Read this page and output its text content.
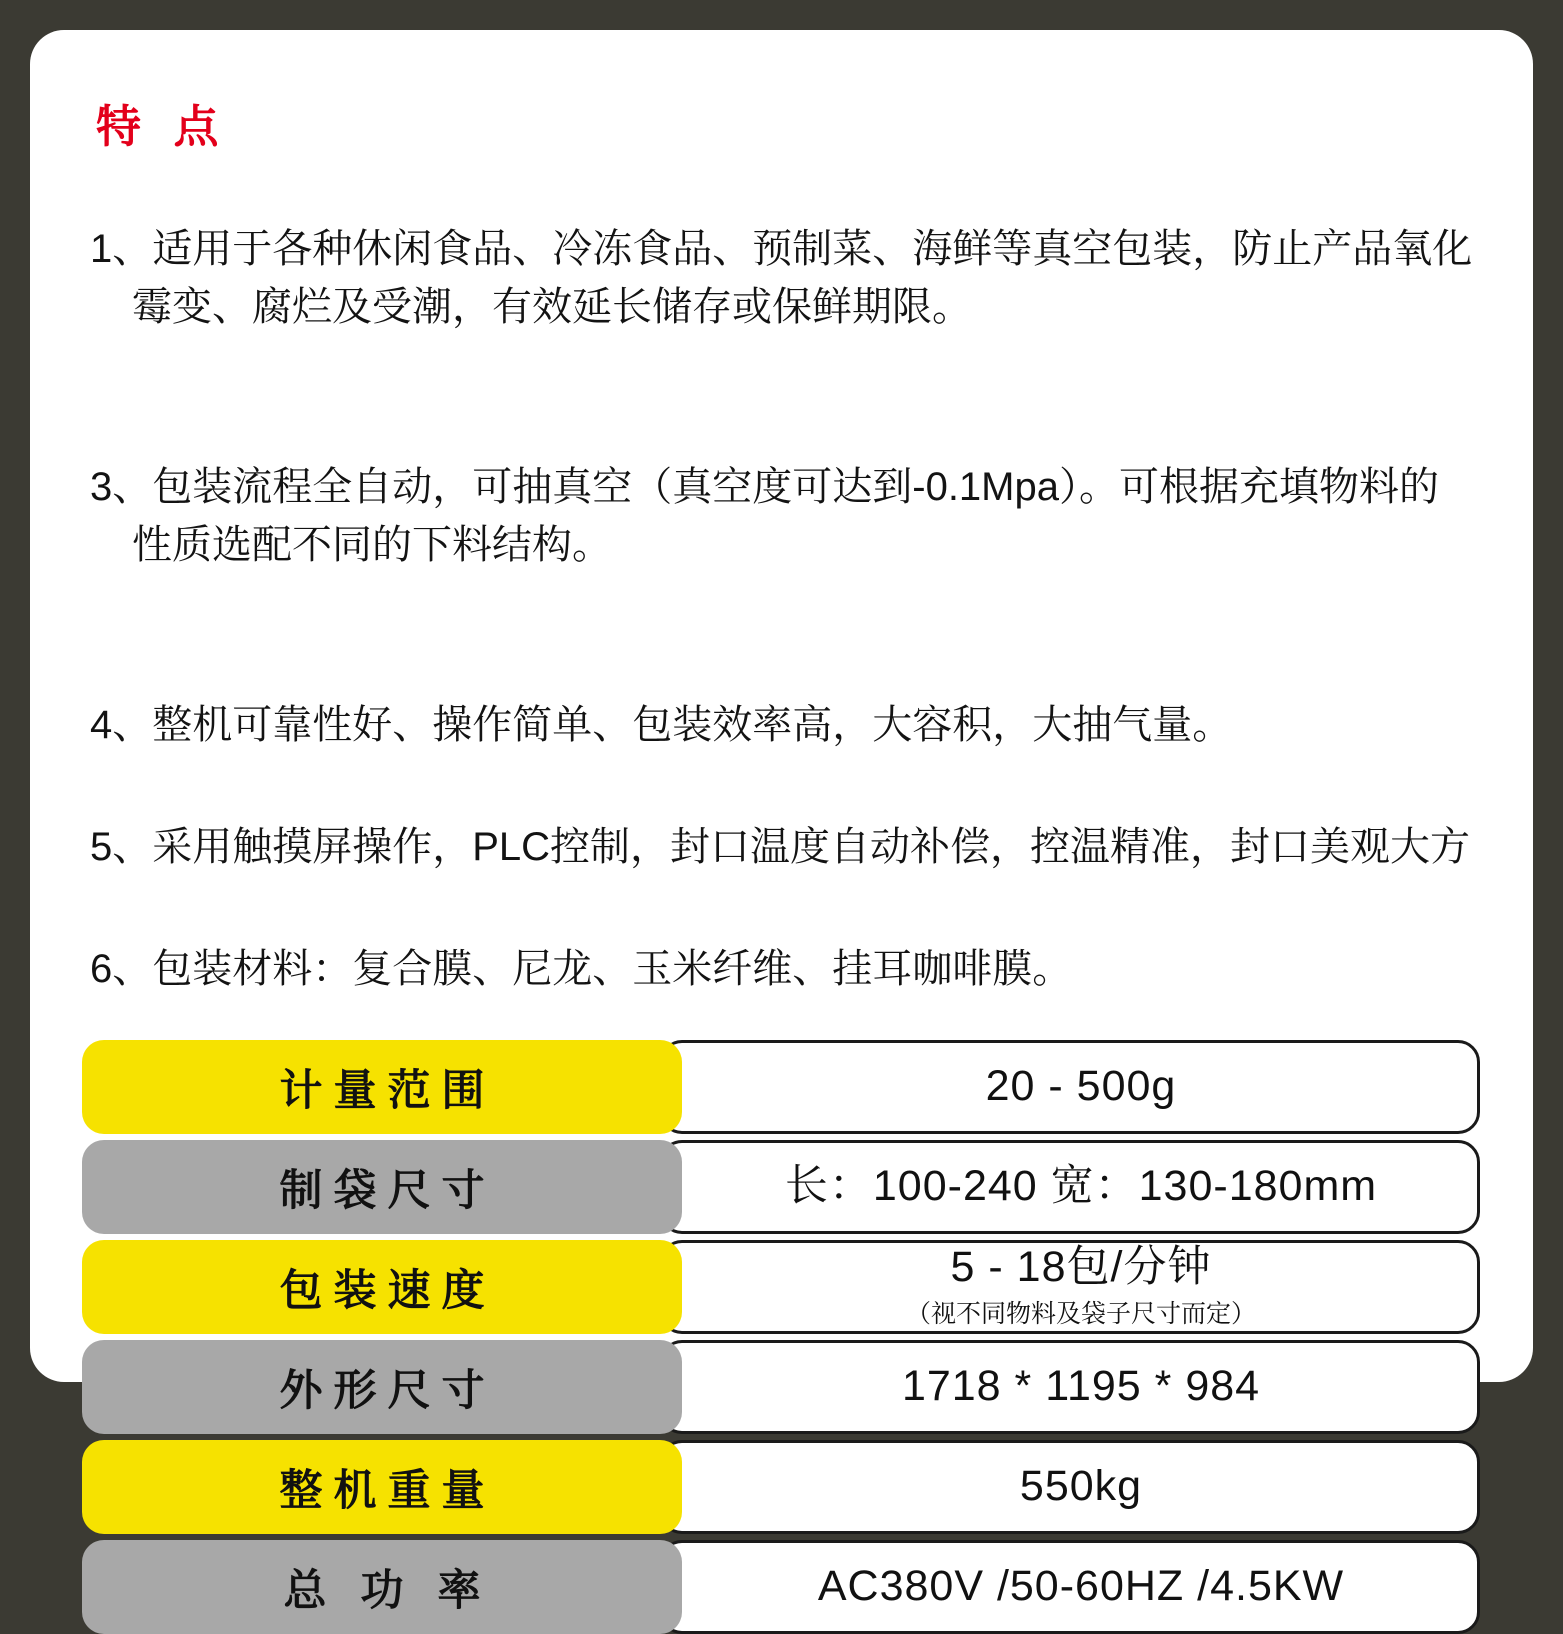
特 点

1、适用于各种休闲食品、冷冻食品、预制菜、海鲜等真空包装，防止产品氧化

霉变、腐烂及受潮，有效延长储存或保鲜期限。

3、包装流程全自动，可抽真空（真空度可达到-0.1Mpa）。可根据充填物料的

性质选配不同的下料结构。

4、整机可靠性好、操作简单、包装效率高，大容积，大抽气量。

5、采用触摸屏操作，PLC控制，封口温度自动补偿，控温精准，封口美观大方

6、包装材料：复合膜、尼龙、玉米纤维、挂耳咖啡膜。

计量范围	20 - 500g
制袋尺寸	长：100-240 宽：130-180mm
包装速度	5 - 18包/分钟
（视不同物料及袋子尺寸而定）
外形尺寸	1718 * 1195 * 984
整机重量	550kg
总 功 率	AC380V /50-60HZ /4.5KW
